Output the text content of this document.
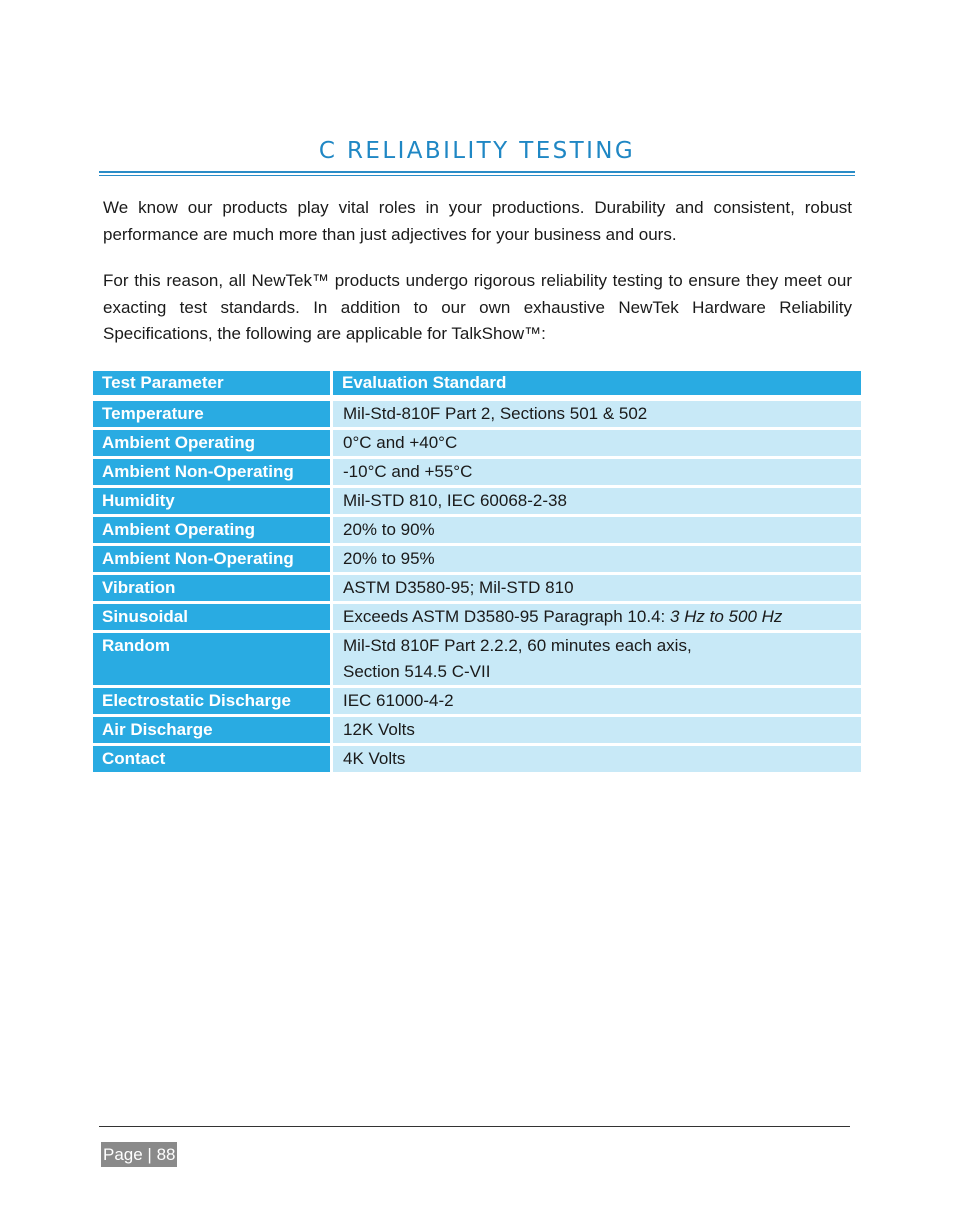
C RELIABILITY TESTING

We know our products play vital roles in your productions. Durability and consistent, robust performance are much more than just adjectives for your business and ours.

For this reason, all NewTek™ products undergo rigorous reliability testing to ensure they meet our exacting test standards. In addition to our own exhaustive NewTek Hardware Reliability Specifications, the following are applicable for TalkShow™:

Test Parameter	Evaluation Standard

Temperature	Mil-Std-810F Part 2, Sections 501 & 502
Ambient Operating	0°C and +40°C
Ambient Non-Operating	-10°C and +55°C
Humidity	Mil-STD 810, IEC 60068-2-38
Ambient Operating	20% to 90%
Ambient Non-Operating	20% to 95%
Vibration	ASTM D3580-95; Mil-STD 810
Sinusoidal	Exceeds ASTM D3580-95 Paragraph 10.4: 3 Hz to 500 Hz
Random	Mil-Std 810F Part 2.2.2, 60 minutes each axis,
Section 514.5 C-VII

Electrostatic Discharge	IEC 61000-4-2
Air Discharge	12K Volts
Contact	4K Volts
Page | 88
